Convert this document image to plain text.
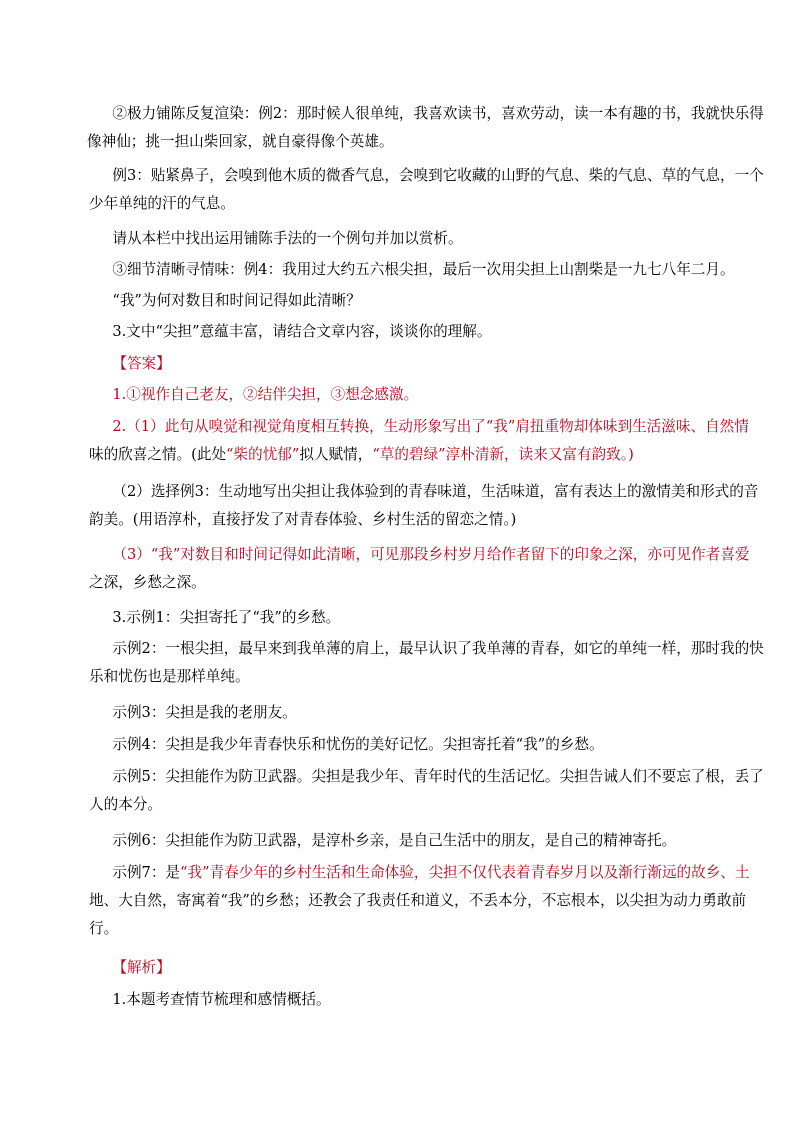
②极力铺陈反复渲染：例2：那时候人很单纯，我喜欢读书，喜欢劳动，读一本有趣的书，我就快乐得
像神仙；挑一担山柴回家，就自豪得像个英雄。
例3：贴紧鼻子，会嗅到他木质的微香气息，会嗅到它收藏的山野的气息、柴的气息、草的气息，一个
少年单纯的汗的气息。
请从本栏中找出运用铺陈手法的一个例句并加以赏析。
③细节清晰寻情味：例4：我用过大约五六根尖担，最后一次用尖担上山割柴是一九七八年二月。
“我”为何对数目和时间记得如此清晰？
3.文中“尖担”意蕴丰富，请结合文章内容，谈谈你的理解。
【答案】
1.①视作自己老友，②结伴尖担，③想念感激。
2.（1）此句从嗅觉和视觉角度相互转换，生动形象写出了“我”肩扭重物却体味到生活滋味、自然情
味的欣喜之情。(此处“柴的忧郁”拟人赋情，“草的碧绿”淳朴清新，读来又富有韵致。)
（2）选择例3：生动地写出尖担让我体验到的青春味道，生活味道，富有表达上的激情美和形式的音
韵美。(用语淳朴，直接抒发了对青春体验、乡村生活的留恋之情。)
（3）“我”对数目和时间记得如此清晰，可见那段乡村岁月给作者留下的印象之深，亦可见作者喜爱
之深，乡愁之深。
3.示例1：尖担寄托了“我”的乡愁。
示例2：一根尖担，最早来到我单薄的肩上，最早认识了我单薄的青春，如它的单纯一样，那时我的快
乐和忧伤也是那样单纯。
示例3：尖担是我的老朋友。
示例4：尖担是我少年青春快乐和忧伤的美好记忆。尖担寄托着“我”的乡愁。
示例5：尖担能作为防卫武器。尖担是我少年、青年时代的生活记忆。尖担告诫人们不要忘了根，丢了
人的本分。
示例6：尖担能作为防卫武器，是淳朴乡亲，是自己生活中的朋友，是自己的精神寄托。
示例7：是“我”青春少年的乡村生活和生命体验，尖担不仅代表着青春岁月以及渐行渐远的故乡、土
地、大自然，寄寓着“我”的乡愁；还教会了我责任和道义，不丢本分，不忘根本，以尖担为动力勇敢前
行。
【解析】
1.本题考查情节梳理和感情概括。
